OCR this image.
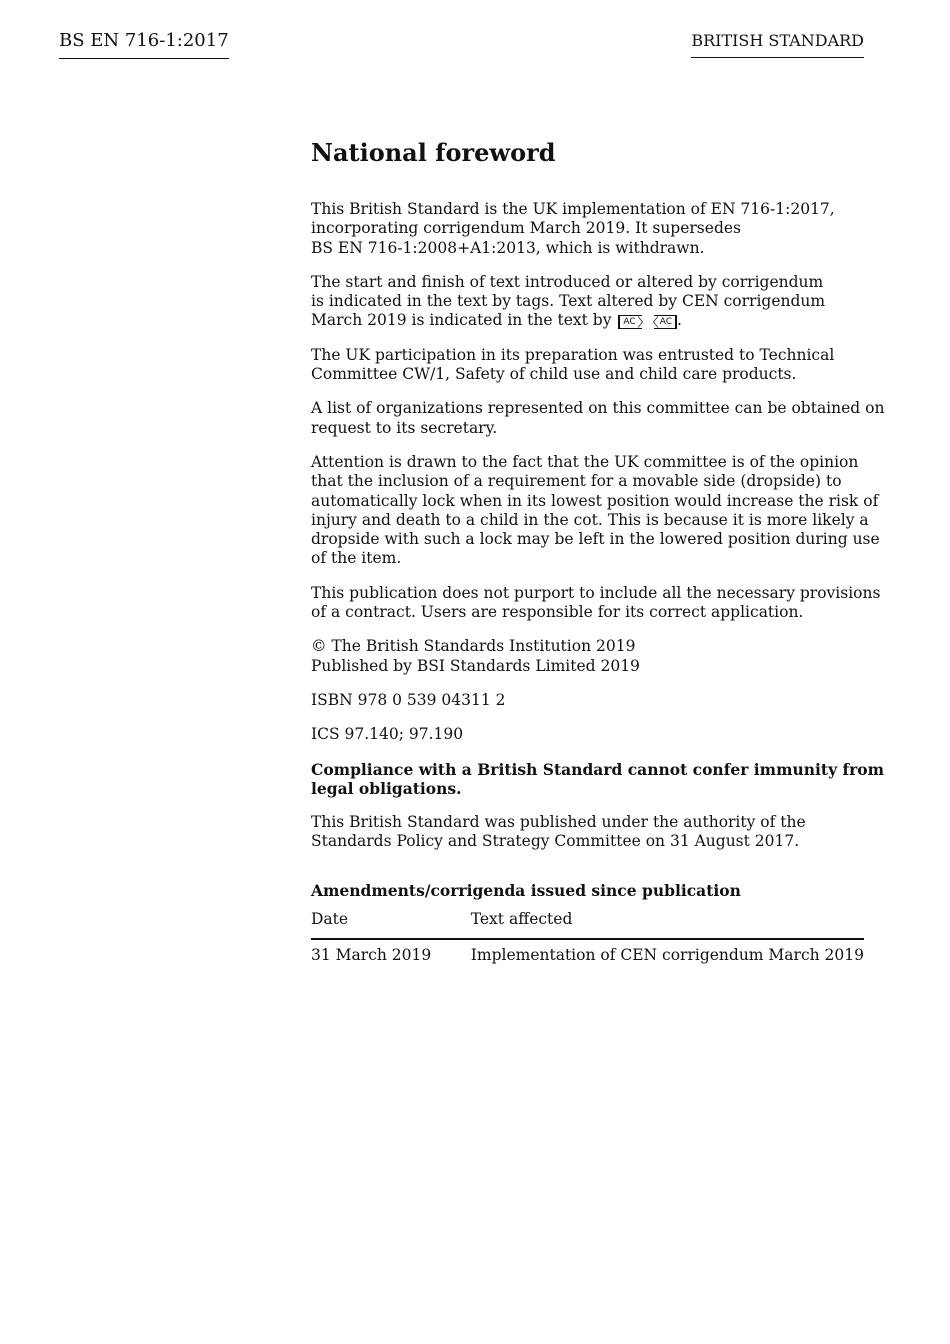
BS EN 716-1:2017	BRITISH STANDARD
National foreword
This British Standard is the UK implementation of EN 716-1:2017,
incorporating corrigendum March 2019. It supersedes
BS EN 716-1:2008+A1:2013, which is withdrawn.
The start and finish of text introduced or altered by corrigendum
is indicated in the text by tags. Text altered by CEN corrigendum
March 2019 is indicated in the text by AC	AC .
The UK participation in its preparation was entrusted to Technical
Committee CW/1, Safety of child use and child care products.
A list of organizations represented on this committee can be obtained on
request to its secretary.
Attention is drawn to the fact that the UK committee is of the opinion
that the inclusion of a requirement for a movable side (dropside) to
automatically lock when in its lowest position would increase the risk of
injury and death to a child in the cot. This is because it is more likely a
dropside with such a lock may be left in the lowered position during use
of the item.
This publication does not purport to include all the necessary provisions
of a contract. Users are responsible for its correct application.
© The British Standards Institution 2019
Published by BSI Standards Limited 2019
ISBN 978 0 539 04311 2
ICS 97.140; 97.190
Compliance with a British Standard cannot confer immunity from
legal obligations.
This British Standard was published under the authority of the
Standards Policy and Strategy Committee on 31 August 2017.
Amendments/corrigenda issued since publication
Date	Text affected
31 March 2019	Implementation of CEN corrigendum March 2019
